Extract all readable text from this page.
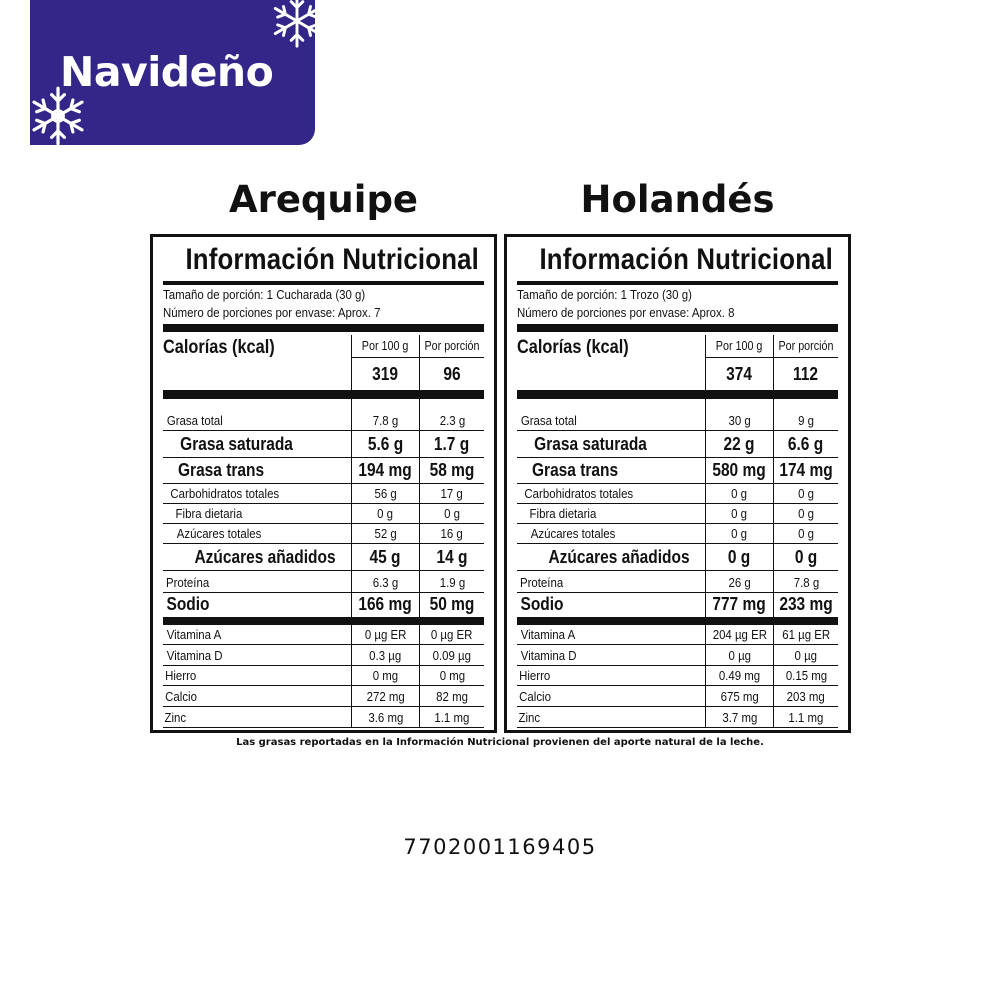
Navideño
Arequipe	Holandés
Información Nutricional
Tamaño de porción: 1 Cucharada (30 g)
Número de porciones por envase: Aprox. 7
Calorías (kcal)	Por 100 g Por porción
319 96
Grasa total	7.8 g	2.3 g
Grasa saturada	5.6 g 1.7 g
Grasa trans	194 mg 58 mg
Carbohidratos totales	56 g	17 g
Fibra dietaria	0 g	0 g
Azúcares totales	52 g	16 g
Azúcares añadidos	45 g 14 g
Proteína	6.3 g	1.9 g
Sodio	166 mg 50 mg
Vitamina A	0 µg ER 0 µg ER
Vitamina D	0.3 µg 0.09 µg
Hierro	0 mg	0 mg
Calcio	272 mg 82 mg
Zinc	3.6 mg 1.1 mg
Información Nutricional
Tamaño de porción: 1 Trozo (30 g)
Número de porciones por envase: Aprox. 8
Calorías (kcal)	Por 100 g Por porción
374 112
Grasa total	30 g	9 g
Grasa saturada	22 g 6.6 g
Grasa trans	580 mg 174 mg
Carbohidratos totales	0 g	0 g
Fibra dietaria	0 g	0 g
Azúcares totales	0 g	0 g
Azúcares añadidos	0 g 0 g
Proteína	26 g	7.8 g
Sodio	777 mg 233 mg
Vitamina A	204 µg ER 61 µg ER
Vitamina D	0 µg	0 µg
Hierro	0.49 mg 0.15 mg
Calcio	675 mg 203 mg
Zinc	3.7 mg 1.1 mg
Las grasas reportadas en la Información Nutricional provienen del aporte natural de la leche.
7702001169405
